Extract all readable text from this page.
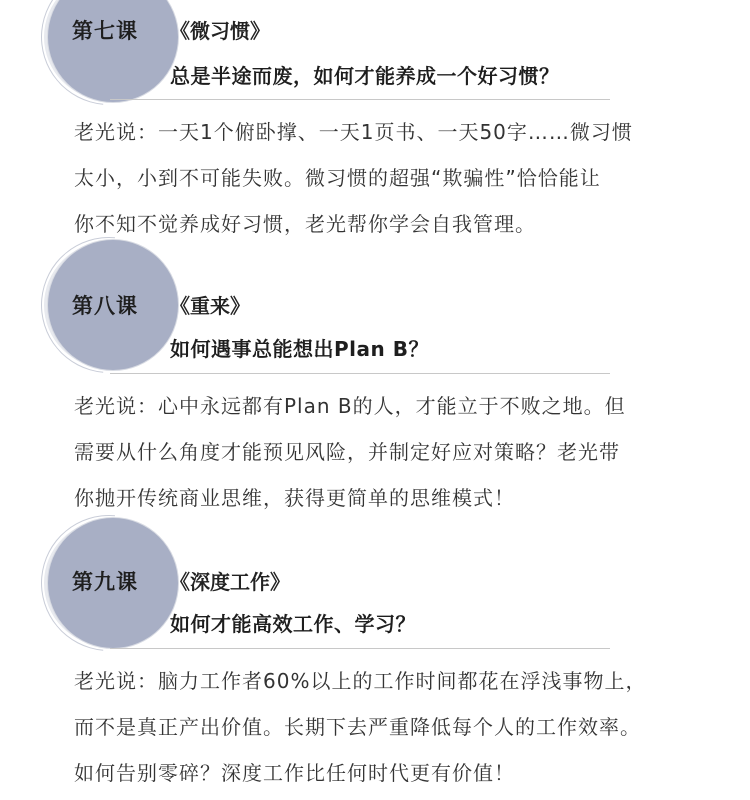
第七课 《微习惯》
总是半途而废，如何才能养成一个好习惯？
老光说：一天1个俯卧撑、一天1页书、一天50字……微习惯
太小，小到不可能失败。微习惯的超强“欺骗性”恰恰能让
你不知不觉养成好习惯，老光帮你学会自我管理。
第八课 《重来》
如何遇事总能想出Plan B？
老光说：心中永远都有Plan B的人，才能立于不败之地。但
需要从什么角度才能预见风险，并制定好应对策略？老光带
你抛开传统商业思维，获得更简单的思维模式！
第九课 《深度工作》
如何才能高效工作、学习？
老光说：脑力工作者60%以上的工作时间都花在浮浅事物上，
而不是真正产出价值。长期下去严重降低每个人的工作效率。
如何告别零碎？深度工作比任何时代更有价值！
